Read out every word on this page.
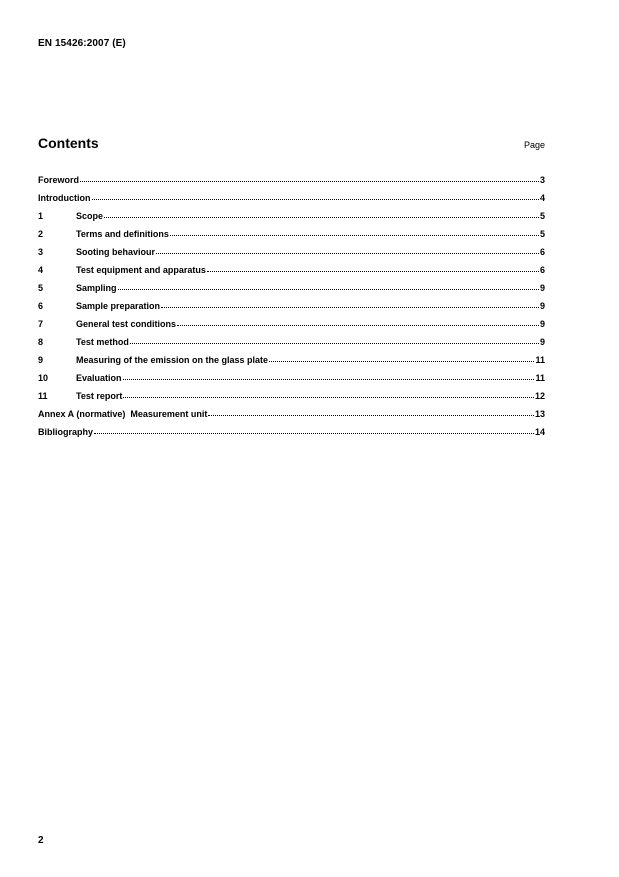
EN 15426:2007 (E)
Contents	Page
Foreword	3
Introduction	4
1	Scope	5
2	Terms and definitions	5
3	Sooting behaviour	6
4	Test equipment and apparatus	6
5	Sampling	9
6	Sample preparation	9
7	General test conditions	9
8	Test method	9
9	Measuring of the emission on the glass plate	11
10	Evaluation	11
11	Test report	12
Annex A (normative)  Measurement unit	13
Bibliography	14
2
